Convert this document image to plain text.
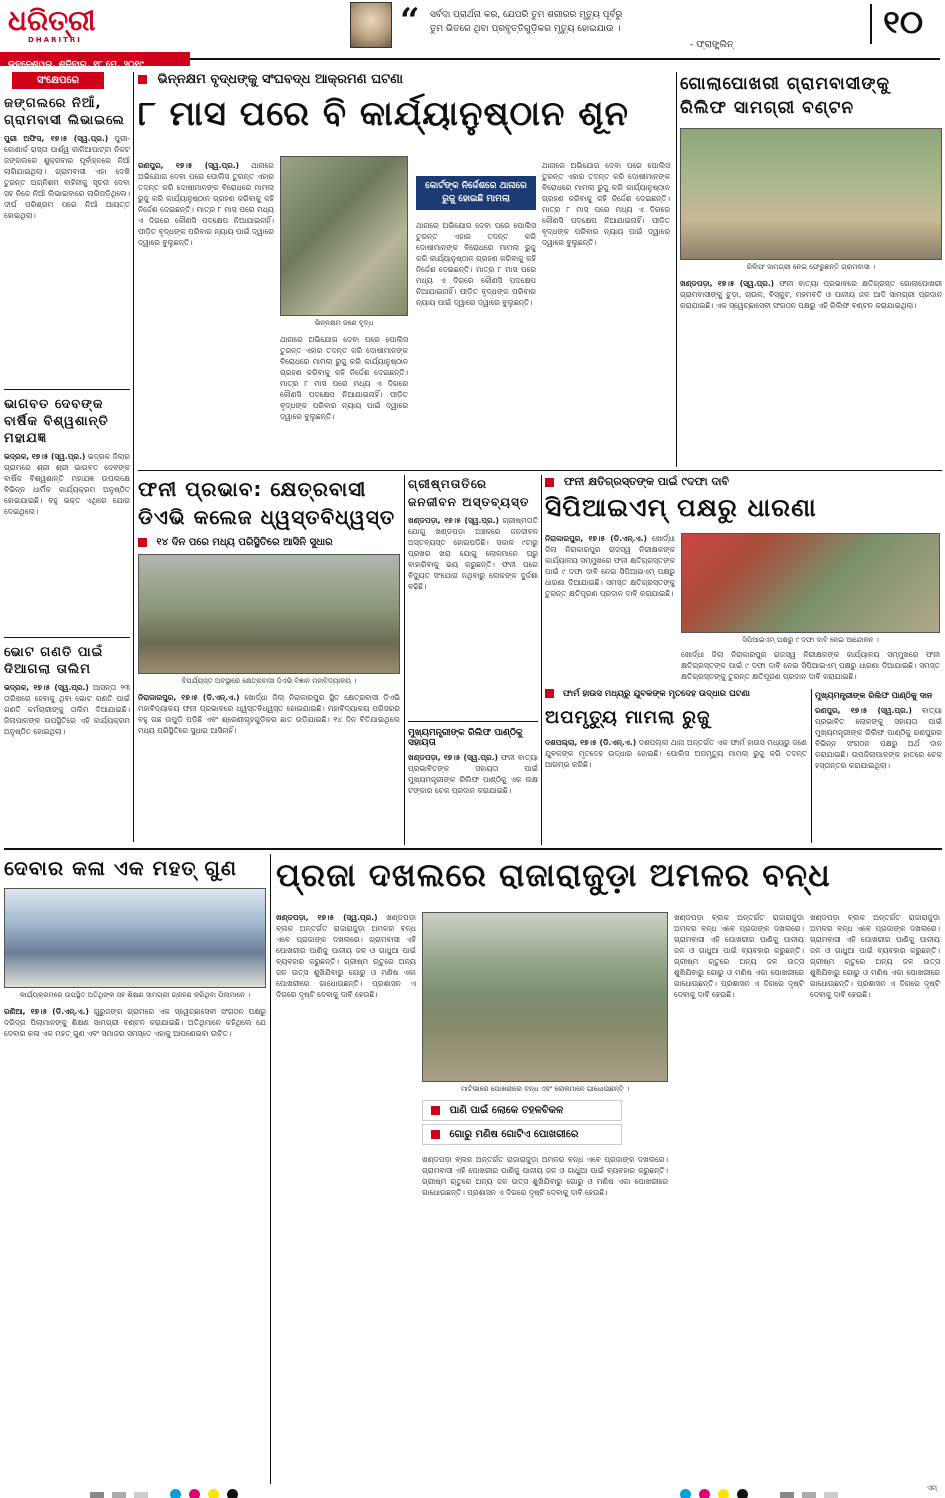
ଧରିତ୍ରୀ
DHARITRI	“ ସର୍ବଦା ପ୍ରାର୍ଥନା କର, ଯେପରି ତୁମ ଶରୀରର ମୃତ୍ୟୁ ପୂର୍ବରୁ
ତୁମ ଭିତରେ ଥିବା ପ୍ରବୃତ୍ତିଗୁଡ଼ିକର ମୃତ୍ୟୁ ହୋଇଯାଉ ।
- ଫ୍ରାଙ୍କ୍ଲିନ୍
୧୦
ଭୁବନେଶ୍ୱର, ଶନିବାର, ୧୮ ମେ, ୨୦୧୯
ସଂକ୍ଷେପରେ
ଜଙ୍ଗଲରେ ନିଆଁ, ଗ୍ରାମବାସୀ ଲିଭାଇଲେ
ପୁରୀ ଅଫିସ, ୧୭।୫ (ସ୍ୱ.ପ୍ର.) ପୁରୀ-କୋଣାର୍କ ରାସ୍ତା ପାର୍ଶ୍ୱ କାଳିଆପାଟ୍ଟା ନିକଟ ଜଙ୍ଗଲରେ ଶୁକ୍ରବାର ପୂର୍ବାହ୍ନରେ ନିଆଁ ଲାଗିଯାଇଥିଲା। ଗ୍ରାମବାସୀ ଏହା ଦେଖି ତୁରନ୍ତ ଅଗ୍ନିଶମ ବାହିନୀକୁ ସୂଚନା ଦେବା ସହ ନିଜେ ନିଆଁ ଲିଭାଇବାରେ ଲାଗିପଡ଼ିଥିଲେ। ଦୀର୍ଘ ପରିଶ୍ରମ ପରେ ନିଆଁ ଆୟତ୍ତ ହୋଇଥିଲା।
ଭାଗବତ ଦେବଙ୍କ ବାର୍ଷିକ ବିଶ୍ୱଶାନ୍ତି ମହାଯଜ୍ଞ
ଭଦ୍ରକ, ୧୭।୫ (ସ୍ୱ.ପ୍ର.) ଭଦ୍ରକ ଜିଲାର ଗ୍ରାମରେ ଶ୍ରୀ ଶ୍ରୀ ଭାଗବତ ଦେବଙ୍କ ବାର୍ଷିକ ବିଶ୍ୱଶାନ୍ତି ମହାଯଜ୍ଞ ଉପଲକ୍ଷେ ବିଭିନ୍ନ ଧାର୍ମିକ କାର୍ଯ୍ୟକ୍ରମ ଅନୁଷ୍ଠିତ ହୋଇଯାଇଛି। ବହୁ ଭକ୍ତ ଏଥିରେ ଯୋଗ ଦେଇଥିଲେ।
ଭୋଟ ଗଣତି ପାଇଁ ଦିଆଗଲା ତାଲିମ
ଭଦ୍ରକ, ୧୭।୫ (ସ୍ୱ.ପ୍ର.) ଆସନ୍ତା ୨୩ ତାରିଖରେ ହେବାକୁ ଥିବା ଭୋଟ ଗଣତି ପାଇଁ ଗଣତି କର୍ମଚାରୀଙ୍କୁ ତାଲିମ ଦିଆଯାଇଛି। ଜିଲାପାଳଙ୍କ ଉପସ୍ଥିତିରେ ଏହି କାର୍ଯ୍ୟକ୍ରମ ଅନୁଷ୍ଠିତ ହୋଇଥିଲା।
ଭିନ୍ନକ୍ଷମ ବୃଦ୍ଧଙ୍କୁ ସଂଘବଦ୍ଧ ଆକ୍ରମଣ ଘଟଣା
୮ ମାସ ପରେ ବି କାର୍ଯ୍ୟାନୁଷ୍ଠାନ ଶୂନ
ଭିନ୍ନକ୍ଷମ ଜଣେ ବୃଦ୍ଧ
ରଣପୁର, ୧୭।୫ (ସ୍ୱ.ପ୍ର.) ଥାନାରେ ଅଭିଯୋଗ ଦେବା ପରେ ପୋଲିସ ତୁରନ୍ତ ଏହାର ତଦନ୍ତ କରି ଦୋଷୀମାନଙ୍କ ବିରୋଧରେ ମାମଲା ରୁଜୁ କରି କାର୍ଯ୍ୟାନୁଷ୍ଠାନ ଗ୍ରହଣ କରିବାକୁ କହି ନିର୍ଦ୍ଦେଶ ଦେଇଛନ୍ତି। ମାତ୍ର ୮ ମାସ ପରେ ମଧ୍ୟ ଏ ଦିଗରେ କୌଣସି ପଦକ୍ଷେପ ନିଆଯାଇନାହିଁ। ପୀଡ଼ିତ ବୃଦ୍ଧଙ୍କ ପରିବାର ନ୍ୟାୟ ପାଇଁ ଦ୍ୱାରେ ଦ୍ୱାରେ ବୁଲୁଛନ୍ତି।
ଥାନାରେ ଅଭିଯୋଗ ଦେବା ପରେ ପୋଲିସ ତୁରନ୍ତ ଏହାର ତଦନ୍ତ କରି ଦୋଷୀମାନଙ୍କ ବିରୋଧରେ ମାମଲା ରୁଜୁ କରି କାର୍ଯ୍ୟାନୁଷ୍ଠାନ ଗ୍ରହଣ କରିବାକୁ କହି ନିର୍ଦ୍ଦେଶ ଦେଇଛନ୍ତି। ମାତ୍ର ୮ ମାସ ପରେ ମଧ୍ୟ ଏ ଦିଗରେ କୌଣସି ପଦକ୍ଷେପ ନିଆଯାଇନାହିଁ। ପୀଡ଼ିତ ବୃଦ୍ଧଙ୍କ ପରିବାର ନ୍ୟାୟ ପାଇଁ ଦ୍ୱାରେ ଦ୍ୱାରେ ବୁଲୁଛନ୍ତି।
କୋର୍ଟଙ୍କ ନିର୍ଦ୍ଦେଶରେ ଥାନାରେ ରୁଜୁ ହୋଇଛି ମାମଲା
ଥାନାରେ ଅଭିଯୋଗ ଦେବା ପରେ ପୋଲିସ ତୁରନ୍ତ ଏହାର ତଦନ୍ତ କରି ଦୋଷୀମାନଙ୍କ ବିରୋଧରେ ମାମଲା ରୁଜୁ କରି କାର୍ଯ୍ୟାନୁଷ୍ଠାନ ଗ୍ରହଣ କରିବାକୁ କହି ନିର୍ଦ୍ଦେଶ ଦେଇଛନ୍ତି। ମାତ୍ର ୮ ମାସ ପରେ ମଧ୍ୟ ଏ ଦିଗରେ କୌଣସି ପଦକ୍ଷେପ ନିଆଯାଇନାହିଁ। ପୀଡ଼ିତ ବୃଦ୍ଧଙ୍କ ପରିବାର ନ୍ୟାୟ ପାଇଁ ଦ୍ୱାରେ ଦ୍ୱାରେ ବୁଲୁଛନ୍ତି।
ଥାନାରେ ଅଭିଯୋଗ ଦେବା ପରେ ପୋଲିସ ତୁରନ୍ତ ଏହାର ତଦନ୍ତ କରି ଦୋଷୀମାନଙ୍କ ବିରୋଧରେ ମାମଲା ରୁଜୁ କରି କାର୍ଯ୍ୟାନୁଷ୍ଠାନ ଗ୍ରହଣ କରିବାକୁ କହି ନିର୍ଦ୍ଦେଶ ଦେଇଛନ୍ତି। ମାତ୍ର ୮ ମାସ ପରେ ମଧ୍ୟ ଏ ଦିଗରେ କୌଣସି ପଦକ୍ଷେପ ନିଆଯାଇନାହିଁ। ପୀଡ଼ିତ ବୃଦ୍ଧଙ୍କ ପରିବାର ନ୍ୟାୟ ପାଇଁ ଦ୍ୱାରେ ଦ୍ୱାରେ ବୁଲୁଛନ୍ତି।
ଗୋଲାପୋଖରୀ ଗ୍ରାମବାସୀଙ୍କୁ ରିଲିଫ ସାମଗ୍ରୀ ବଣ୍ଟନ
ରିଲିଫ ସାମଗ୍ରୀ ନେଇ ଫେରୁଛନ୍ତି ଗ୍ରାମବାସୀ ।
ଖଣ୍ଡପଡ଼ା, ୧୭।୫ (ସ୍ୱ.ପ୍ର.) ଫନୀ ବାତ୍ୟା ପ୍ରଭାବରେ କ୍ଷତିଗ୍ରସ୍ତ ଗୋଲାପୋଖରୀ ଗ୍ରାମବାସୀଙ୍କୁ ଚୁଡ଼ା, ଚାଉଳ, ବିସ୍କୁଟ, ମହମବତି ଓ ପାନୀୟ ଜଳ ଆଦି ସାମଗ୍ରୀ ପ୍ରଦାନ କରାଯାଇଛି। ଏକ ସ୍ୱେଚ୍ଛାସେବୀ ସଂଗଠନ ପକ୍ଷରୁ ଏହି ରିଲିଫ ବଣ୍ଟନ କରାଯାଇଥିଲା।
ଫନୀ ପ୍ରଭାବ: କ୍ଷେତ୍ରବାସୀ ଡିଏଭି କଲେଜ ଧ୍ୱସ୍ତବିଧ୍ୱସ୍ତ
୧୪ ଦିନ ପରେ ମଧ୍ୟ ପରିସ୍ଥିତିରେ ଆସିନି ସୁଧାର
ବିପର୍ଯ୍ୟସ୍ତ ଅବସ୍ଥାରେ କ୍ଷେତ୍ରବାସୀ ଡିଏଭି ବିଜ୍ଞାନ ମହାବିଦ୍ୟାଳୟ ।
ନିରାକାରପୁର, ୧୭।୫ (ଡି.ଏନ୍.ଏ.) ଖୋର୍ଦ୍ଧା ଜିଲା ନିରାକାରପୁର ସ୍ଥିତ କ୍ଷେତ୍ରବାସୀ ଡିଏଭି ମହାବିଦ୍ୟାଳୟ ଫନୀ ପ୍ରଭାବରେ ଧ୍ୱସ୍ତବିଧ୍ୱସ୍ତ ହୋଇଯାଇଛି। ମହାବିଦ୍ୟାଳୟ ପରିସରର ବହୁ ଗଛ ଉପୁଡ଼ି ପଡ଼ିଛି ଏବଂ ଶ୍ରେଣୀଗୃହଗୁଡ଼ିକର ଛାତ ଉଡ଼ିଯାଇଛି। ୧୪ ଦିନ ବିତିଯାଇଥିଲେ ମଧ୍ୟ ପରିସ୍ଥିତିରେ ସୁଧାର ଆସିନାହିଁ।
ଗ୍ରୀଷ୍ମତାତିରେ ଜନଜୀବନ ଅସ୍ତବ୍ୟସ୍ତ
ଖଣ୍ଡପଡ଼ା, ୧୭।୫ (ସ୍ୱ.ପ୍ର.) ଗ୍ରୀଷ୍ମତାତି ଯୋଗୁ ଖଣ୍ଡପଡ଼ା ଅଞ୍ଚଳରେ ଜନଜୀବନ ଅସ୍ତବ୍ୟସ୍ତ ହୋଇପଡ଼ିଛି। ସକାଳ ୯ଟାରୁ ପ୍ରଖର ଖରା ଯୋଗୁ ଲୋକମାନେ ଘରୁ ବାହାରିବାକୁ ଭୟ କରୁଛନ୍ତି। ଫନୀ ପରେ ବିଦ୍ୟୁତ ସଂଯୋଗ ନଥିବାରୁ ଲୋକଙ୍କ ଦୁର୍ଦ୍ଦଶା ବଢ଼ିଛି।
ମୁଖ୍ୟମନ୍ତ୍ରୀଙ୍କ ରିଲିଫ ପାଣ୍ଠିକୁ ସହାୟତା
ଖଣ୍ଡପଡ଼ା, ୧୭।୫ (ସ୍ୱ.ପ୍ର.) ଫନୀ ବାତ୍ୟା ପ୍ରଭାବିତଙ୍କ ସହାୟତା ପାଇଁ ମୁଖ୍ୟମନ୍ତ୍ରୀଙ୍କ ରିଲିଫ ପାଣ୍ଠିକୁ ଏକ ଲକ୍ଷ ଟଙ୍କାର ଚେକ ପ୍ରଦାନ କରାଯାଇଛି।
ଫନୀ କ୍ଷତିଗ୍ରସ୍ତଙ୍କ ପାଇଁ ୯ଦଫା ଦାବି
ସିପିଆଇଏମ୍ ପକ୍ଷରୁ ଧାରଣା
ନିରାକାରପୁର, ୧୭।୫ (ଡି.ଏନ୍.ଏ.) ଖୋର୍ଦ୍ଧା ଜିଲା ନିରାକାରପୁର ରାଜସ୍ୱ ନିରୀକ୍ଷକଙ୍କ କାର୍ଯ୍ୟାଳୟ ସମ୍ମୁଖରେ ଫନୀ କ୍ଷତିଗ୍ରସ୍ତଙ୍କ ପାଇଁ ୯ ଦଫା ଦାବି ନେଇ ସିପିଆଇଏମ୍ ପକ୍ଷରୁ ଧାରଣା ଦିଆଯାଇଛି। ସମସ୍ତ କ୍ଷତିଗ୍ରସ୍ତଙ୍କୁ ତୁରନ୍ତ କ୍ଷତିପୂରଣ ପ୍ରଦାନ ଦାବି କରାଯାଇଛି।
ସିପିଆଇଏମ୍ ପକ୍ଷରୁ ୯ ଦଫା ଦାବି ନେଇ ଆନ୍ଦୋଳନ ।
ଖୋର୍ଦ୍ଧା ଜିଲା ନିରାକାରପୁର ରାଜସ୍ୱ ନିରୀକ୍ଷକଙ୍କ କାର୍ଯ୍ୟାଳୟ ସମ୍ମୁଖରେ ଫନୀ କ୍ଷତିଗ୍ରସ୍ତଙ୍କ ପାଇଁ ୯ ଦଫା ଦାବି ନେଇ ସିପିଆଇଏମ୍ ପକ୍ଷରୁ ଧାରଣା ଦିଆଯାଇଛି। ସମସ୍ତ କ୍ଷତିଗ୍ରସ୍ତଙ୍କୁ ତୁରନ୍ତ କ୍ଷତିପୂରଣ ପ୍ରଦାନ ଦାବି କରାଯାଇଛି।
ଫାର୍ମ ହାଉସ ମଧ୍ୟରୁ ଯୁବକଙ୍କ ମୃତଦେହ ଉଦ୍ଧାର ଘଟଣା
ଅପମୃତ୍ୟୁ ମାମଲା ରୁଜୁ
ଦଶପଲ୍ଲା, ୧୭।୫ (ଡି.ଏନ୍.ଏ.) ଦଶପଲ୍ଲା ଥାନା ଅନ୍ତର୍ଗତ ଏକ ଫାର୍ମ ହାଉସ ମଧ୍ୟରୁ ଜଣେ ଯୁବକଙ୍କ ମୃତଦେହ ଉଦ୍ଧାର ହୋଇଛି। ପୋଲିସ ଅପମୃତ୍ୟୁ ମାମଲା ରୁଜୁ କରି ତଦନ୍ତ ଆରମ୍ଭ କରିଛି।
ମୁଖ୍ୟମନ୍ତ୍ରୀଙ୍କ ରିଲିଫ ପାଣ୍ଠିକୁ ଦାନ
ରଣପୁର, ୧୭।୫ (ସ୍ୱ.ପ୍ର.) ବାତ୍ୟା ପ୍ରଭାବିତ ଲୋକଙ୍କୁ ସହାୟତା ପାଇଁ ମୁଖ୍ୟମନ୍ତ୍ରୀଙ୍କ ରିଲିଫ ପାଣ୍ଠିକୁ ରଣପୁରର ବିଭିନ୍ନ ସଂଗଠନ ପକ୍ଷରୁ ଅର୍ଥ ଦାନ କରାଯାଇଛି। ଉପଜିଲାପାଳଙ୍କ ହାତରେ ଚେକ ହସ୍ତାନ୍ତର କରାଯାଇଥିଲା।
ଦେବାର କଳା ଏକ ମହତ୍ ଗୁଣ
କାର୍ଯ୍ୟକ୍ରମରେ ଉପସ୍ଥିତ ଅତିଥିଙ୍କ ସହ ଶିକ୍ଷଣ ସାମଗ୍ରୀ ଗ୍ରହଣ କରିଥିବା ପିଲାମାନେ ।
ରଣିଆ, ୧୭।୫ (ଡି.ଏନ୍.ଏ.) ଗୁରୁଜଙ୍ଗ ଗ୍ରାମରେ ଏକ ସ୍ୱେଚ୍ଛାସେବୀ ସଂଗଠନ ପକ୍ଷରୁ ଦରିଦ୍ର ପିଲାମାନଙ୍କୁ ଶିକ୍ଷଣ ସାମଗ୍ରୀ ବଣ୍ଟନ କରାଯାଇଛି। ଅତିଥିମାନେ କହିଥିଲେ ଯେ ଦେବାର କଳା ଏକ ମହତ୍ ଗୁଣ ଏବଂ ସମାଜର ସମସ୍ତେ ଏହାକୁ ଆପଣେଇବା ଉଚିତ।
ପ୍ରଜା ଦଖଲରେ ରାଜାରାଜୁଡ଼ା ଅମଳର ବନ୍ଧ
ଖଣ୍ଡପଡ଼ା, ୧୭।୫ (ସ୍ୱ.ପ୍ର.) ଖଣ୍ଡପଡ଼ା ବ୍ଲକ ଅନ୍ତର୍ଗତ ରାଜାରାଜୁଡ଼ା ଅମଳର ବନ୍ଧ ଏବେ ପ୍ରଜାଙ୍କ ଦଖଲରେ। ଗ୍ରାମବାସୀ ଏହି ପୋଖରୀର ପାଣିକୁ ପାନୀୟ ଜଳ ଓ ଗାଧୁଆ ପାଇଁ ବ୍ୟବହାର କରୁଛନ୍ତି। ଗ୍ରୀଷ୍ମ ଋତୁରେ ଅନ୍ୟ ଜଳ ଉତ୍ସ ଶୁଖିଯିବାରୁ ଗୋରୁ ଓ ମଣିଷ ଏକା ପୋଖରୀରେ ଗାଧୋଉଛନ୍ତି। ପ୍ରଶାସନ ଏ ଦିଗରେ ଦୃଷ୍ଟି ଦେବାକୁ ଦାବି ହେଉଛି।
ମାଟିଭାରେ ପୋଖରୀରେ ବନ୍ଧ ଏବଂ ଲୋକମାନେ ଗାଧୋଉଛନ୍ତି ।
ପାଣି ପାଇଁ ଲୋକେ ତହଳବିକଳ
ଗୋରୁ ମଣିଷ ଗୋଟିଏ ପୋଖରୀରେ
ଖଣ୍ଡପଡ଼ା ବ୍ଲକ ଅନ୍ତର୍ଗତ ରାଜାରାଜୁଡ଼ା ଅମଳର ବନ୍ଧ ଏବେ ପ୍ରଜାଙ୍କ ଦଖଲରେ। ଗ୍ରାମବାସୀ ଏହି ପୋଖରୀର ପାଣିକୁ ପାନୀୟ ଜଳ ଓ ଗାଧୁଆ ପାଇଁ ବ୍ୟବହାର କରୁଛନ୍ତି। ଗ୍ରୀଷ୍ମ ଋତୁରେ ଅନ୍ୟ ଜଳ ଉତ୍ସ ଶୁଖିଯିବାରୁ ଗୋରୁ ଓ ମଣିଷ ଏକା ପୋଖରୀରେ ଗାଧୋଉଛନ୍ତି। ପ୍ରଶାସନ ଏ ଦିଗରେ ଦୃଷ୍ଟି ଦେବାକୁ ଦାବି ହେଉଛି।
ଖଣ୍ଡପଡ଼ା ବ୍ଲକ ଅନ୍ତର୍ଗତ ରାଜାରାଜୁଡ଼ା ଅମଳର ବନ୍ଧ ଏବେ ପ୍ରଜାଙ୍କ ଦଖଲରେ। ଗ୍ରାମବାସୀ ଏହି ପୋଖରୀର ପାଣିକୁ ପାନୀୟ ଜଳ ଓ ଗାଧୁଆ ପାଇଁ ବ୍ୟବହାର କରୁଛନ୍ତି। ଗ୍ରୀଷ୍ମ ଋତୁରେ ଅନ୍ୟ ଜଳ ଉତ୍ସ ଶୁଖିଯିବାରୁ ଗୋରୁ ଓ ମଣିଷ ଏକା ପୋଖରୀରେ ଗାଧୋଉଛନ୍ତି। ପ୍ରଶାସନ ଏ ଦିଗରେ ଦୃଷ୍ଟି ଦେବାକୁ ଦାବି ହେଉଛି।
ଖଣ୍ଡପଡ଼ା ବ୍ଲକ ଅନ୍ତର୍ଗତ ରାଜାରାଜୁଡ଼ା ଅମଳର ବନ୍ଧ ଏବେ ପ୍ରଜାଙ୍କ ଦଖଲରେ। ଗ୍ରାମବାସୀ ଏହି ପୋଖରୀର ପାଣିକୁ ପାନୀୟ ଜଳ ଓ ଗାଧୁଆ ପାଇଁ ବ୍ୟବହାର କରୁଛନ୍ତି। ଗ୍ରୀଷ୍ମ ଋତୁରେ ଅନ୍ୟ ଜଳ ଉତ୍ସ ଶୁଖିଯିବାରୁ ଗୋରୁ ଓ ମଣିଷ ଏକା ପୋଖରୀରେ ଗାଧୋଉଛନ୍ତି। ପ୍ରଶାସନ ଏ ଦିଗରେ ଦୃଷ୍ଟି ଦେବାକୁ ଦାବି ହେଉଛି।
ଏମ୍
